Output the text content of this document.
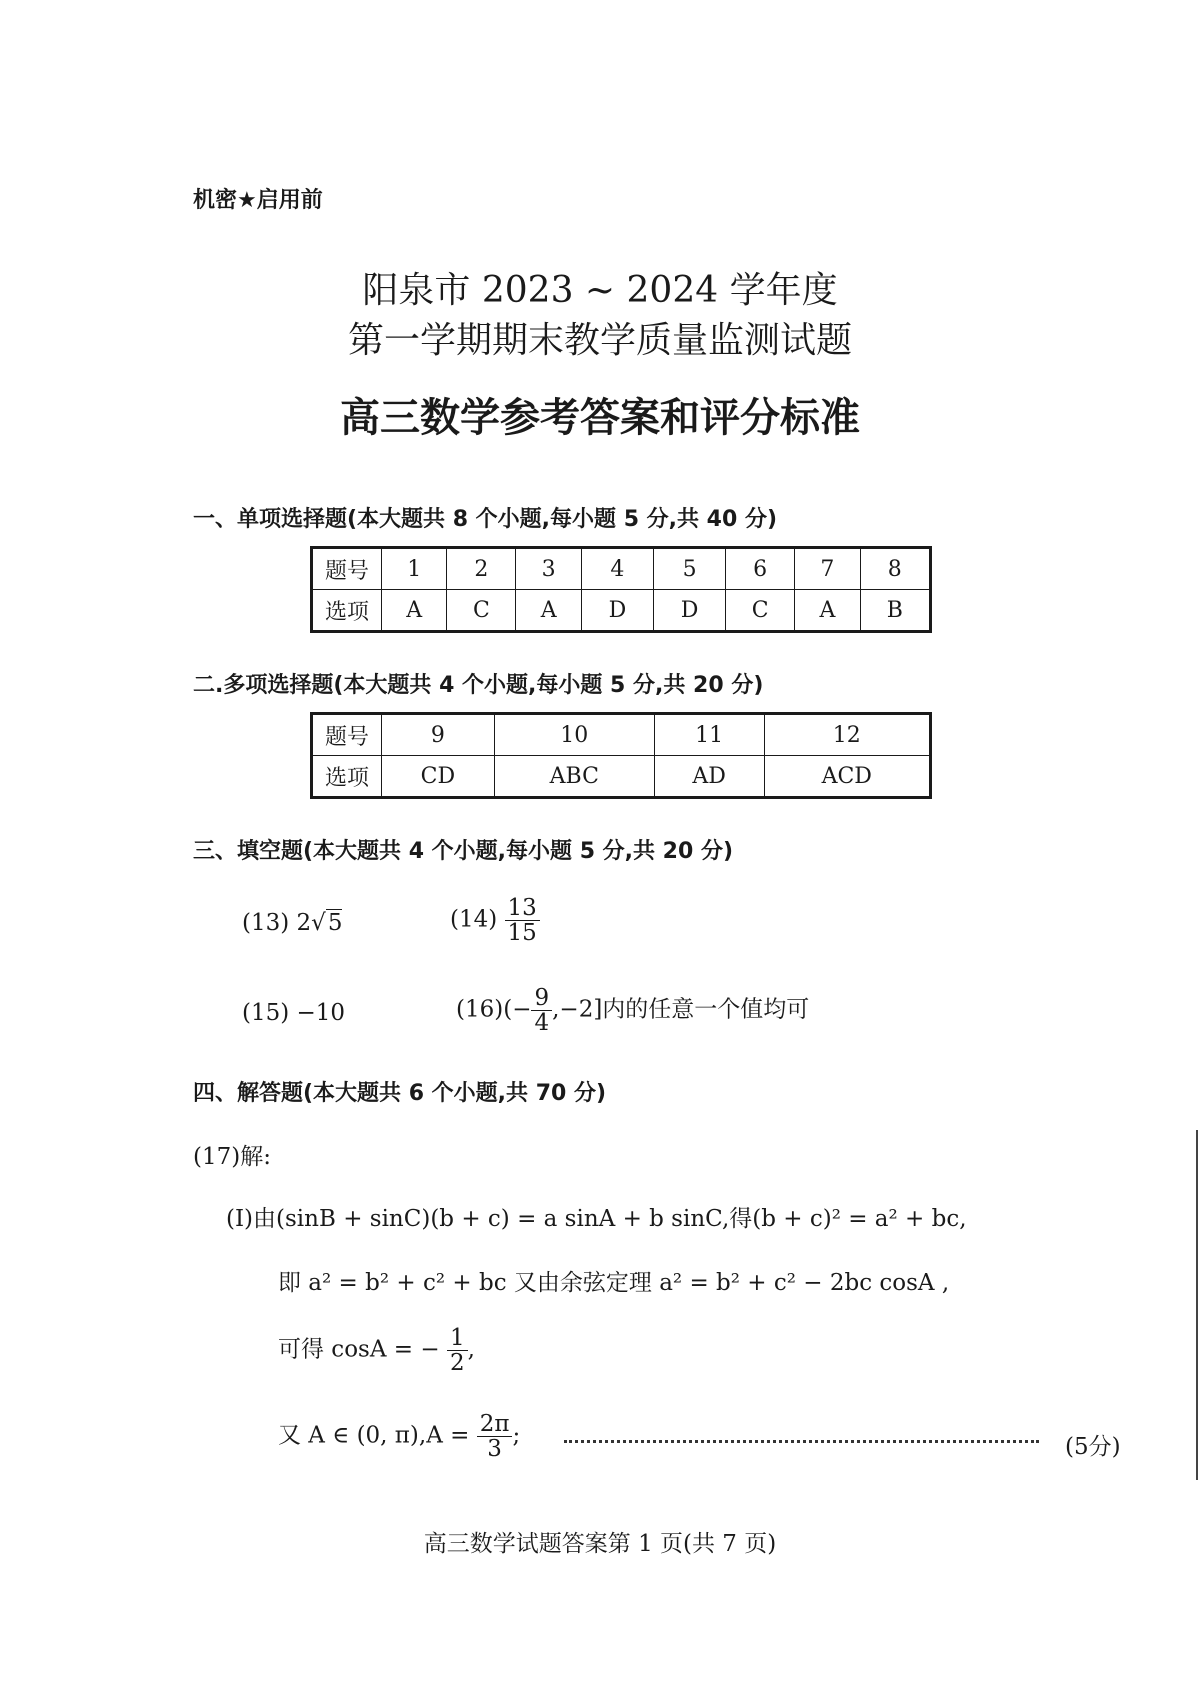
机密★启用前
阳泉市 2023 ~ 2024 学年度
第一学期期末教学质量监测试题
高三数学参考答案和评分标准
一、单项选择题(本大题共 8 个小题,每小题 5 分,共 40 分)
题号	1	2	3	4	5	6	7	8
选项	A	C	A	D	D	C	A	B
二.多项选择题(本大题共 4 个小题,每小题 5 分,共 20 分)
题号	9	10	11	12
选项	CD	ABC	AD	ACD
三、填空题(本大题共 4 个小题,每小题 5 分,共 20 分)
(13) 2√5	$(14) \frac{13}{15}$
(15) −10	$(16)(- \frac{9}{4} ,-2]$内的任意一个值均可
四、解答题(本大题共 6 个小题,共 70 分)
(17)解:
(Ⅰ)由(sinB + sinC)(b + c) = a sinA + b sinC,得(b + c)² = a² + bc,
即 a² = b² + c² + bc 又由余弦定理 a² = b² + c² − 2bc cosA ,
可得 cosA = − $\frac{1}{2}$ ,
又 A ∈ (0, $\pi),A = \frac{2\pi}{3}$ ;	(5分)
高三数学试题答案第 1 页(共 7 页)
